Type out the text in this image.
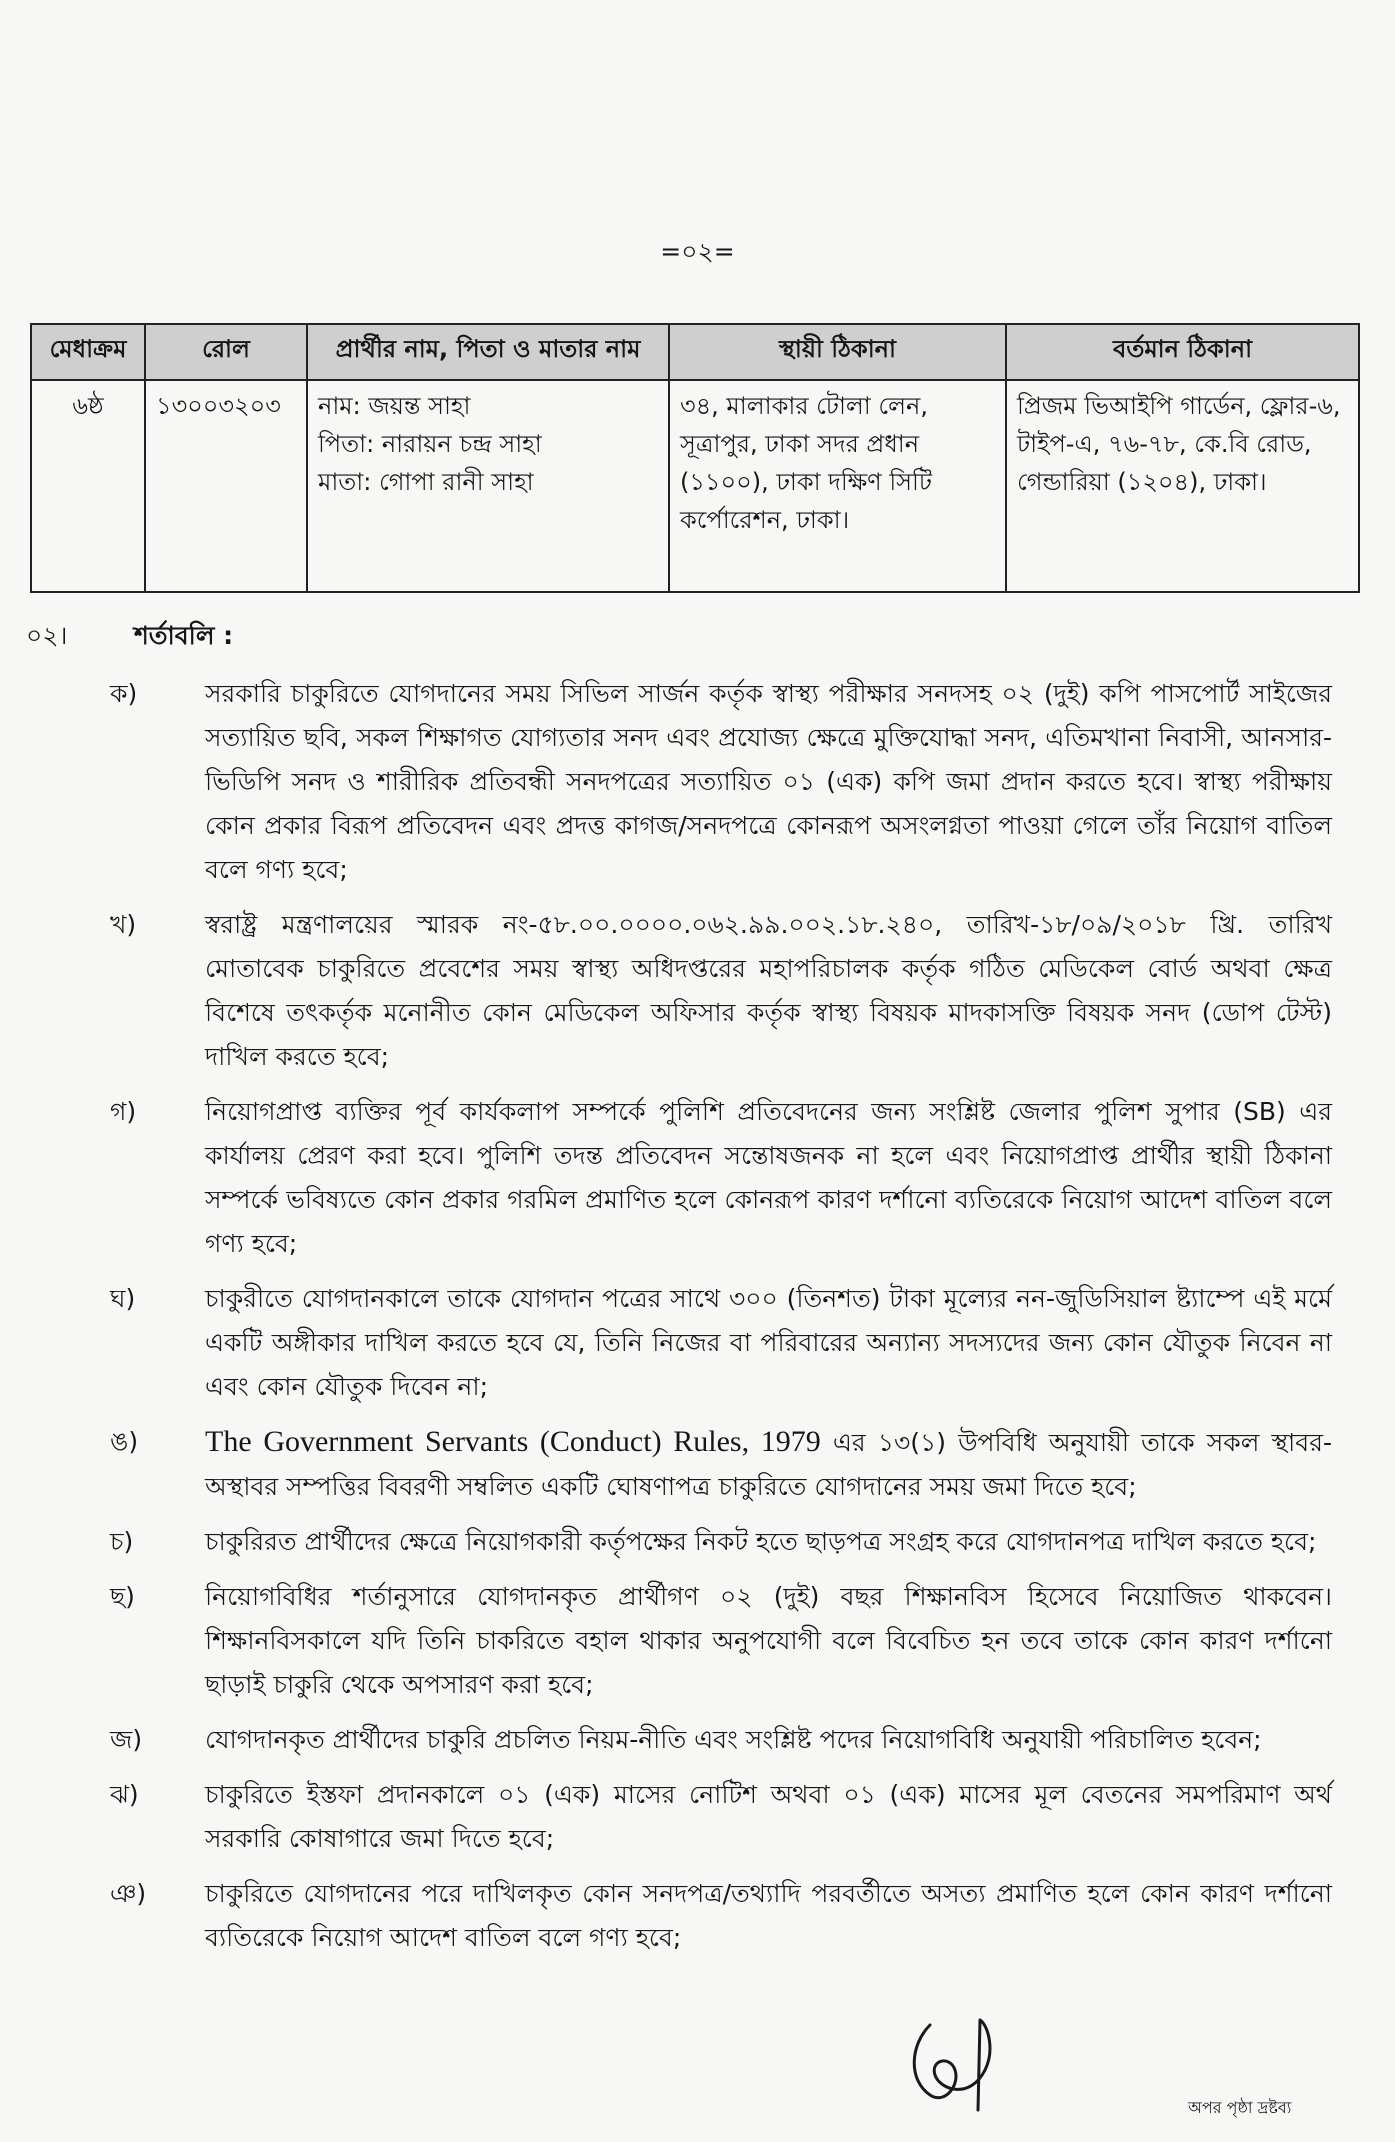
=০২=
মেধাক্রম	রোল	প্রার্থীর নাম, পিতা ও মাতার নাম	স্থায়ী ঠিকানা	বর্তমান ঠিকানা
৬ষ্ঠ	১৩০০৩২০৩	নাম: জয়ন্ত সাহা
পিতা: নারায়ন চন্দ্র সাহা
মাতা: গোপা রানী সাহা	৩৪, মালাকার টোলা লেন, সূত্রাপুর, ঢাকা সদর প্রধান (১১০০), ঢাকা দক্ষিণ সিটি কর্পোরেশন, ঢাকা।	প্রিজম ভিআইপি গার্ডেন, ফ্লোর-৬, টাইপ-এ, ৭৬-৭৮, কে.বি রোড, গেন্ডারিয়া (১২০৪), ঢাকা।
০২।	শর্তাবলি :
ক)	সরকারি চাকুরিতে যোগদানের সময় সিভিল সার্জন কর্তৃক স্বাস্থ্য পরীক্ষার সনদসহ ০২ (দুই) কপি পাসপোর্ট সাইজের সত্যায়িত ছবি, সকল শিক্ষাগত যোগ্যতার সনদ এবং প্রযোজ্য ক্ষেত্রে মুক্তিযোদ্ধা সনদ, এতিমখানা নিবাসী, আনসার-ভিডিপি সনদ ও শারীরিক প্রতিবন্ধী সনদপত্রের সত্যায়িত ০১ (এক) কপি জমা প্রদান করতে হবে। স্বাস্থ্য পরীক্ষায় কোন প্রকার বিরূপ প্রতিবেদন এবং প্রদত্ত কাগজ/সনদপত্রে কোনরূপ অসংলগ্নতা পাওয়া গেলে তাঁর নিয়োগ বাতিল বলে গণ্য হবে;
খ)	স্বরাষ্ট্র মন্ত্রণালয়ের স্মারক নং-৫৮.০০.০০০০.০৬২.৯৯.০০২.১৮.২৪০, তারিখ-১৮/০৯/২০১৮ খ্রি. তারিখ মোতাবেক চাকুরিতে প্রবেশের সময় স্বাস্থ্য অধিদপ্তরের মহাপরিচালক কর্তৃক গঠিত মেডিকেল বোর্ড অথবা ক্ষেত্র বিশেষে তৎকর্তৃক মনোনীত কোন মেডিকেল অফিসার কর্তৃক স্বাস্থ্য বিষয়ক মাদকাসক্তি বিষয়ক সনদ (ডোপ টেস্ট) দাখিল করতে হবে;
গ)	নিয়োগপ্রাপ্ত ব্যক্তির পূর্ব কার্যকলাপ সম্পর্কে পুলিশি প্রতিবেদনের জন্য সংশ্লিষ্ট জেলার পুলিশ সুপার (SB) এর কার্যালয় প্রেরণ করা হবে। পুলিশি তদন্ত প্রতিবেদন সন্তোষজনক না হলে এবং নিয়োগপ্রাপ্ত প্রার্থীর স্থায়ী ঠিকানা সম্পর্কে ভবিষ্যতে কোন প্রকার গরমিল প্রমাণিত হলে কোনরূপ কারণ দর্শানো ব্যতিরেকে নিয়োগ আদেশ বাতিল বলে গণ্য হবে;
ঘ)	চাকুরীতে যোগদানকালে তাকে যোগদান পত্রের সাথে ৩০০ (তিনশত) টাকা মূল্যের নন-জুডিসিয়াল ষ্ট্যাম্পে এই মর্মে একটি অঙ্গীকার দাখিল করতে হবে যে, তিনি নিজের বা পরিবারের অন্যান্য সদস্যদের জন্য কোন যৌতুক নিবেন না এবং কোন যৌতুক দিবেন না;
ঙ)	The Government Servants (Conduct) Rules, 1979 এর ১৩(১) উপবিধি অনুযায়ী তাকে সকল স্থাবর-অস্থাবর সম্পত্তির বিবরণী সম্বলিত একটি ঘোষণাপত্র চাকুরিতে যোগদানের সময় জমা দিতে হবে;
চ)	চাকুরিরত প্রার্থীদের ক্ষেত্রে নিয়োগকারী কর্তৃপক্ষের নিকট হতে ছাড়পত্র সংগ্রহ করে যোগদানপত্র দাখিল করতে হবে;
ছ)	নিয়োগবিধির শর্তানুসারে যোগদানকৃত প্রার্থীগণ ০২ (দুই) বছর শিক্ষানবিস হিসেবে নিয়োজিত থাকবেন। শিক্ষানবিসকালে যদি তিনি চাকরিতে বহাল থাকার অনুপযোগী বলে বিবেচিত হন তবে তাকে কোন কারণ দর্শানো ছাড়াই চাকুরি থেকে অপসারণ করা হবে;
জ)	যোগদানকৃত প্রার্থীদের চাকুরি প্রচলিত নিয়ম-নীতি এবং সংশ্লিষ্ট পদের নিয়োগবিধি অনুযায়ী পরিচালিত হবেন;
ঝ)	চাকুরিতে ইস্তফা প্রদানকালে ০১ (এক) মাসের নোটিশ অথবা ০১ (এক) মাসের মূল বেতনের সমপরিমাণ অর্থ সরকারি কোষাগারে জমা দিতে হবে;
ঞ)	চাকুরিতে যোগদানের পরে দাখিলকৃত কোন সনদপত্র/তথ্যাদি পরবর্তীতে অসত্য প্রমাণিত হলে কোন কারণ দর্শানো ব্যতিরেকে নিয়োগ আদেশ বাতিল বলে গণ্য হবে;
অপর পৃষ্ঠা দ্রষ্টব্য
